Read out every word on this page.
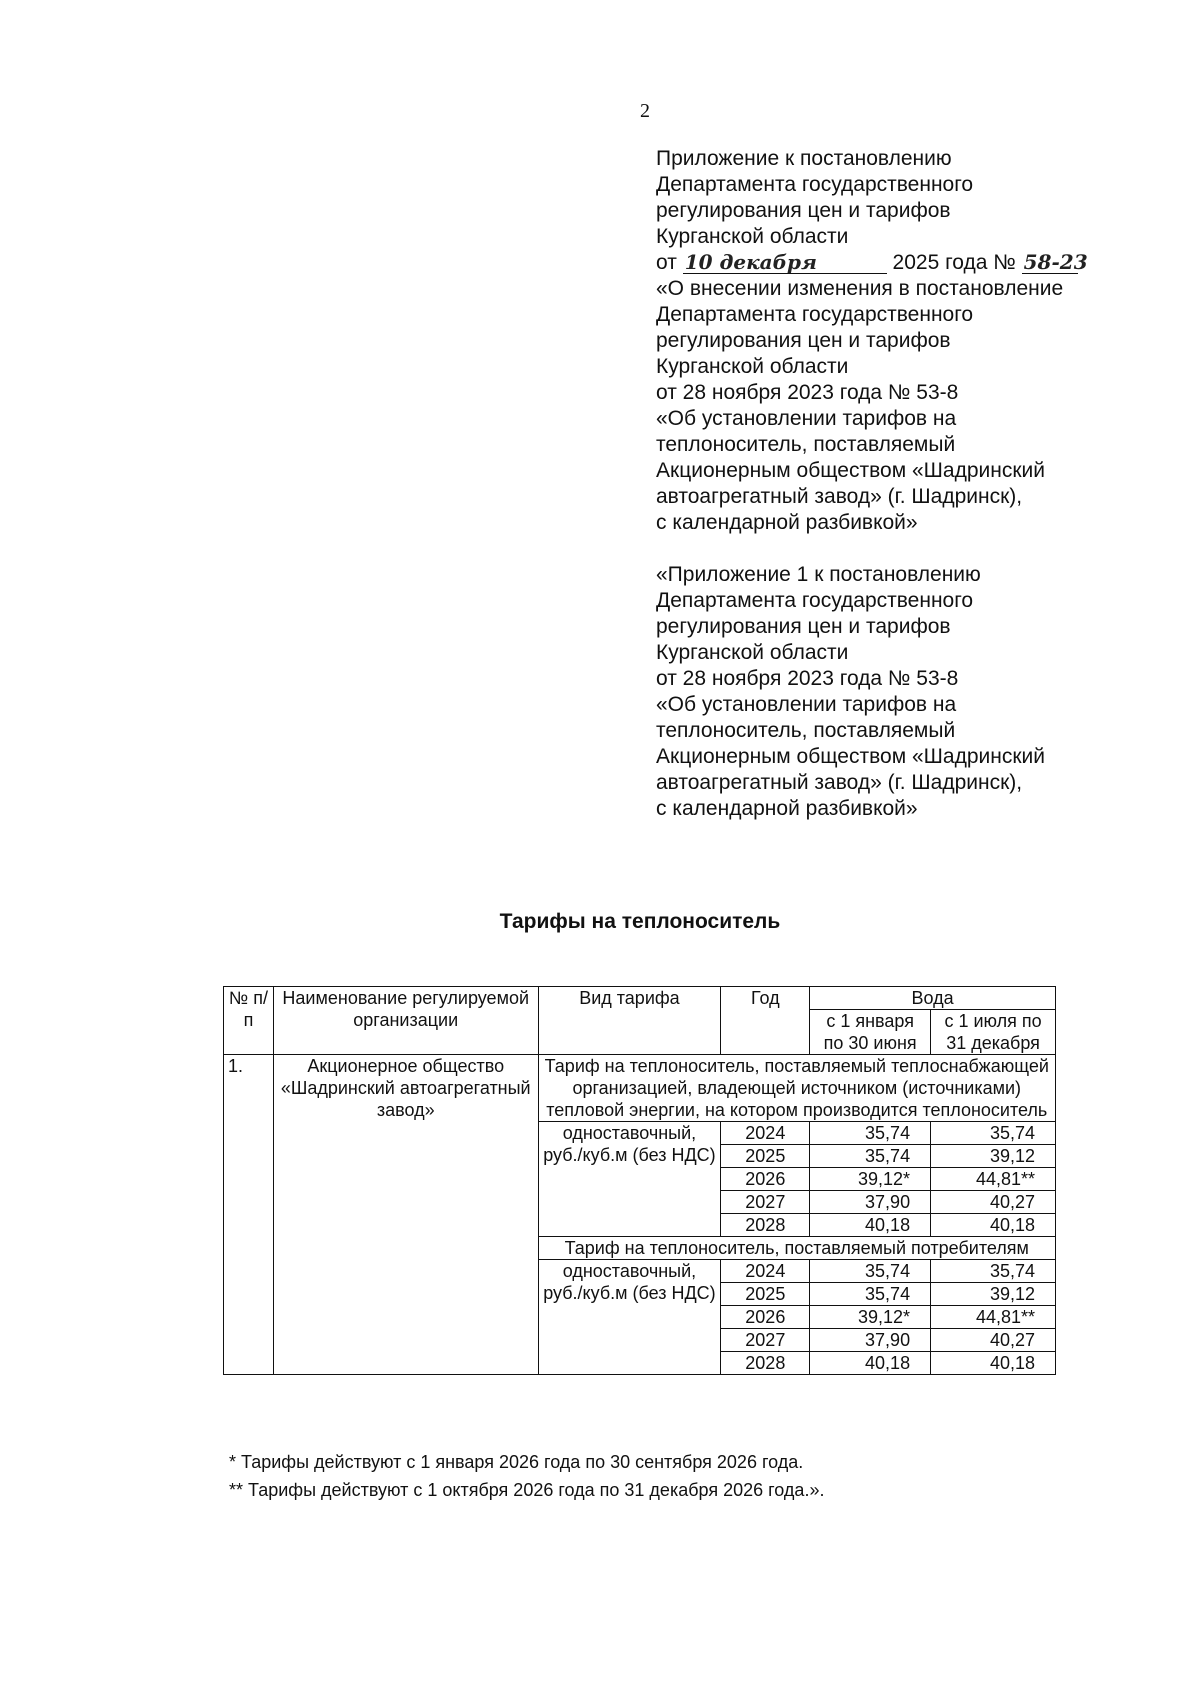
2
Приложение к постановлению
Департамента государственного
регулирования цен и тарифов
Курганской области
от 10 декабря	2025 года № 58-23
«О внесении изменения в постановление
Департамента государственного
регулирования цен и тарифов
Курганской области
от 28 ноября 2023 года № 53-8
«Об установлении тарифов на
теплоноситель, поставляемый
Акционерным обществом «Шадринский
автоагрегатный завод» (г. Шадринск),
с календарной разбивкой»
«Приложение 1 к постановлению
Департамента государственного
регулирования цен и тарифов
Курганской области
от 28 ноября 2023 года № 53-8
«Об установлении тарифов на
теплоноситель, поставляемый
Акционерным обществом «Шадринский
автоагрегатный завод» (г. Шадринск),
с календарной разбивкой»
Тарифы на теплоноситель
№ п/п	Наименование регулируемой организации	Вид тарифа	Год	Вода	
				с 1 января по 30 июня	с 1 июля по 31 декабря
1.	Акционерное общество «Шадринский автоагрегатный завод»	Тариф на теплоноситель, поставляемый теплоснабжающей организацией, владеющей источником (источниками) тепловой энергии, на котором производится теплоноситель			
		одноставочный, руб./куб.м (без НДС)	2024	35,74	35,74
			2025	35,74	39,12
			2026	39,12*	44,81**
			2027	37,90	40,27
			2028	40,18	40,18
		Тариф на теплоноситель, поставляемый потребителям			
		одноставочный, руб./куб.м (без НДС)	2024	35,74	35,74
			2025	35,74	39,12
			2026	39,12*	44,81**
			2027	37,90	40,27
			2028	40,18	40,18
* Тарифы действуют с 1 января 2026 года по 30 сентября 2026 года.
** Тарифы действуют с 1 октября 2026 года по 31 декабря 2026 года.».
